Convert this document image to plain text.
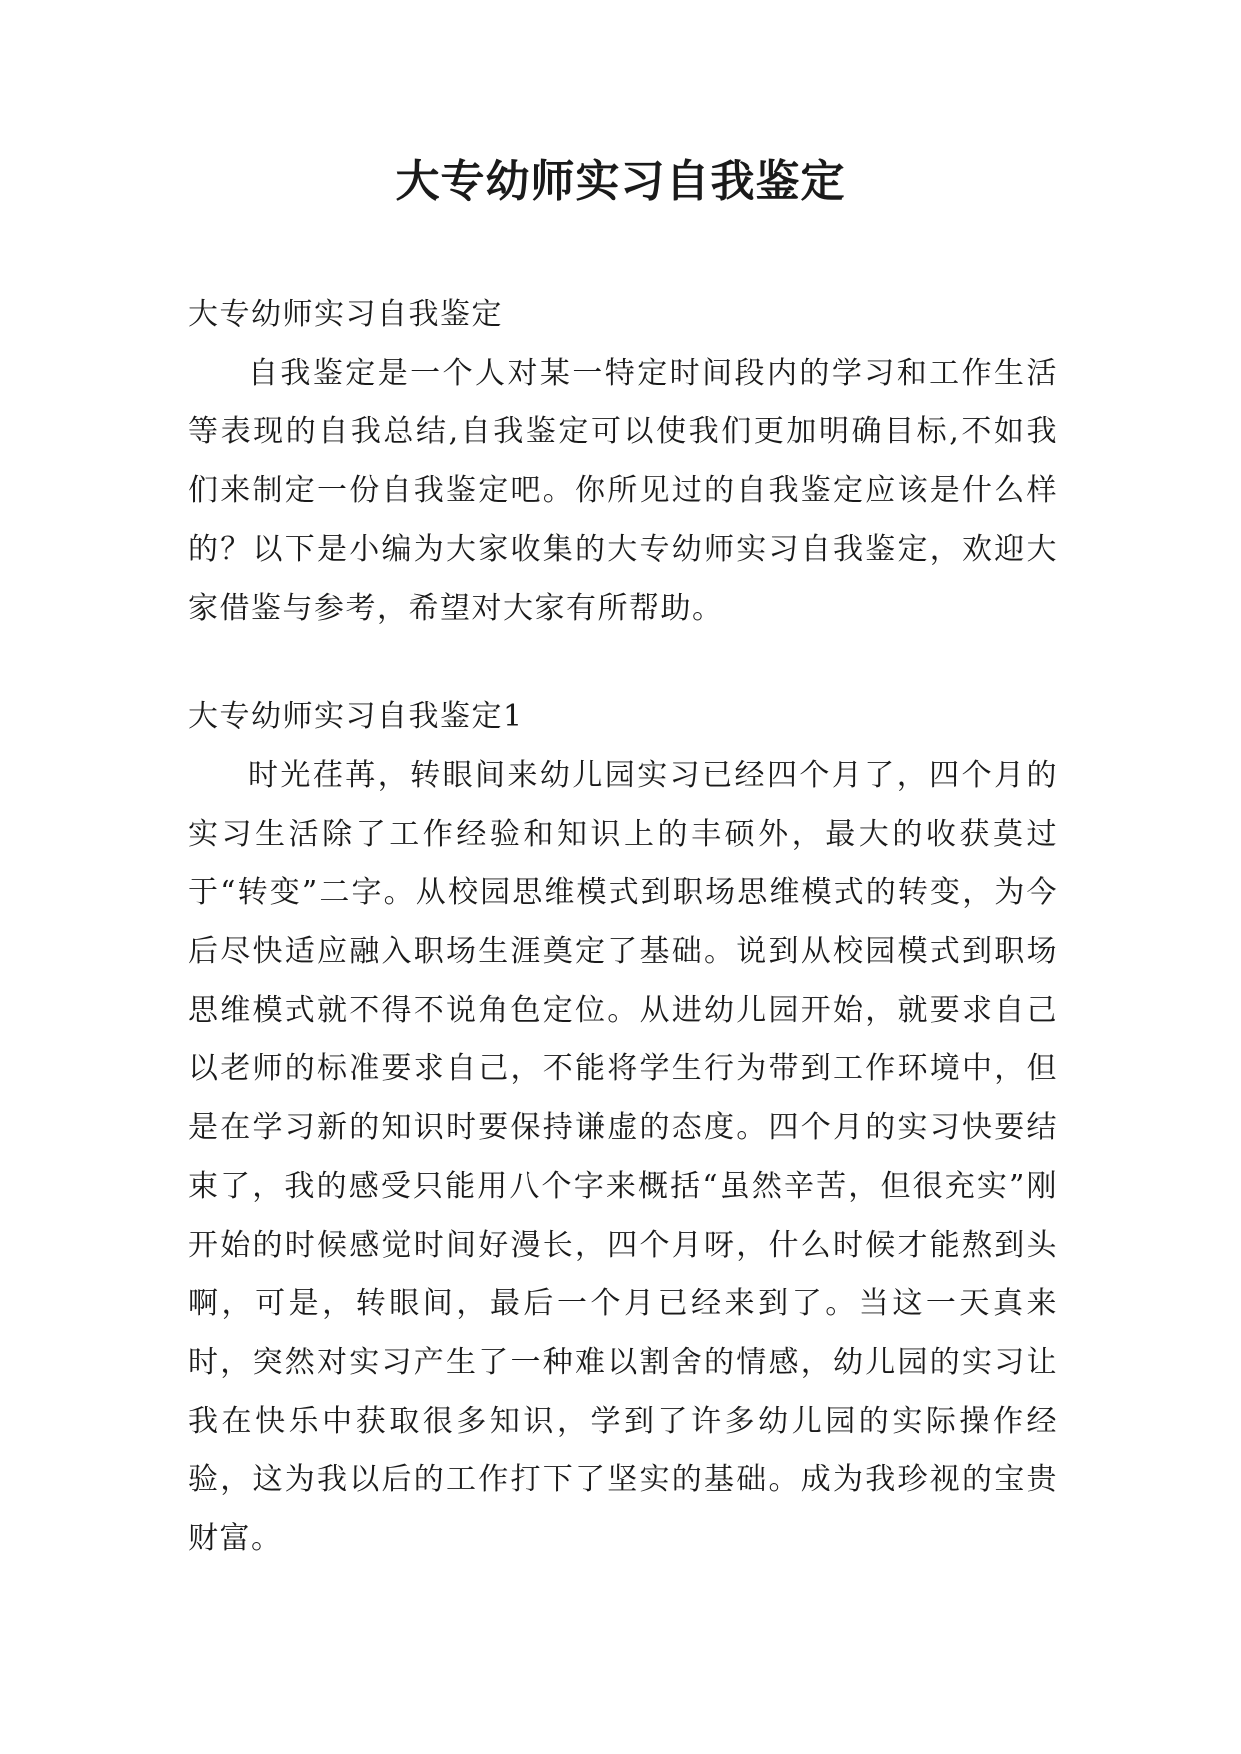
大专幼师实习自我鉴定

大专幼师实习自我鉴定

自我鉴定是一个人对某一特定时间段内的学习和工作生活等表现的自我总结,自我鉴定可以使我们更加明确目标,不如我们来制定一份自我鉴定吧。你所见过的自我鉴定应该是什么样的？以下是小编为大家收集的大专幼师实习自我鉴定，欢迎大家借鉴与参考，希望对大家有所帮助。

大专幼师实习自我鉴定1

时光荏苒，转眼间来幼儿园实习已经四个月了，四个月的实习生活除了工作经验和知识上的丰硕外，最大的收获莫过于“转变”二字。从校园思维模式到职场思维模式的转变，为今后尽快适应融入职场生涯奠定了基础。说到从校园模式到职场思维模式就不得不说角色定位。从进幼儿园开始，就要求自己以老师的标准要求自己，不能将学生行为带到工作环境中，但是在学习新的知识时要保持谦虚的态度。四个月的实习快要结束了，我的感受只能用八个字来概括“虽然辛苦，但很充实”刚开始的时候感觉时间好漫长，四个月呀，什么时候才能熬到头啊，可是，转眼间，最后一个月已经来到了。当这一天真来时，突然对实习产生了一种难以割舍的情感，幼儿园的实习让我在快乐中获取很多知识，学到了许多幼儿园的实际操作经验，这为我以后的工作打下了坚实的基础。成为我珍视的宝贵财富。
